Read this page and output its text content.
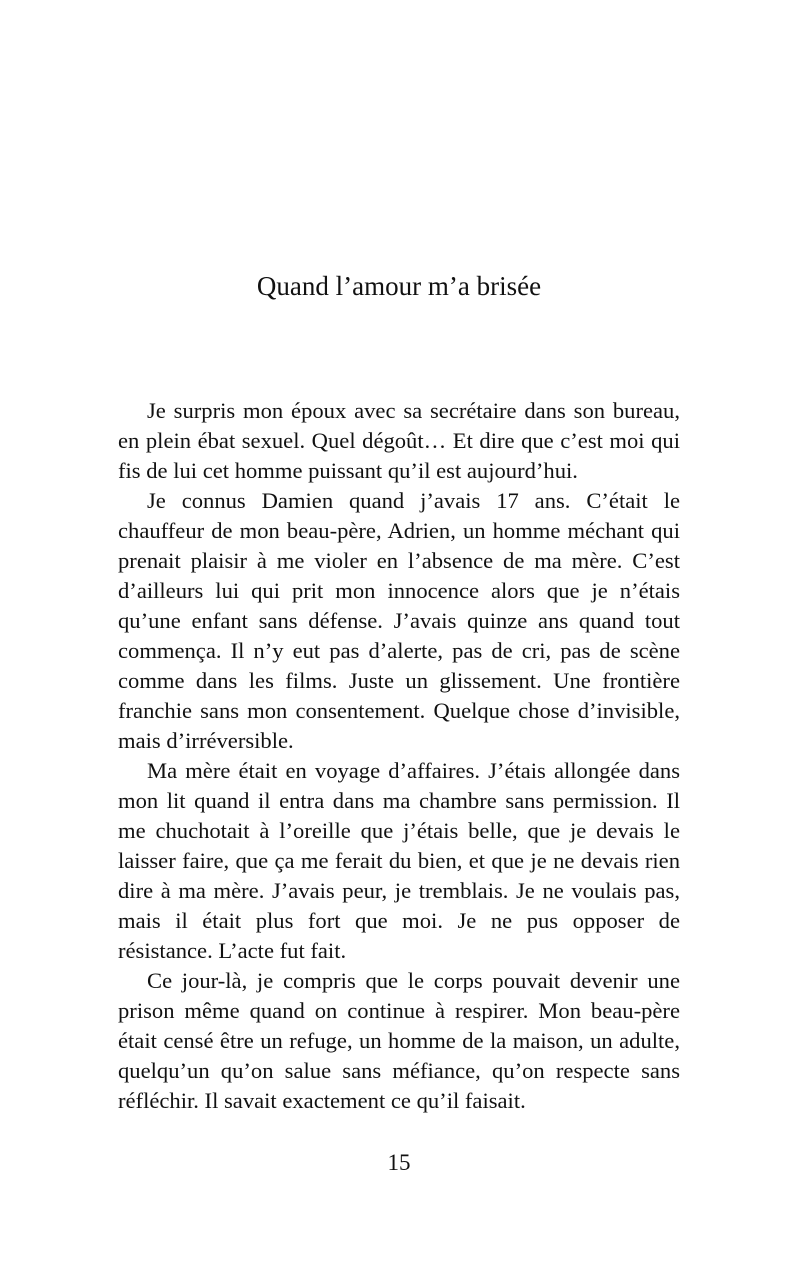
Quand l’amour m’a brisée

Je surpris mon époux avec sa secrétaire dans son bureau, en plein ébat sexuel. Quel dégoût… Et dire que c’est moi qui fis de lui cet homme puissant qu’il est aujourd’hui.

Je connus Damien quand j’avais 17 ans. C’était le chauffeur de mon beau-père, Adrien, un homme méchant qui prenait plaisir à me violer en l’absence de ma mère. C’est d’ailleurs lui qui prit mon innocence alors que je n’étais qu’une enfant sans défense. J’avais quinze ans quand tout commença. Il n’y eut pas d’alerte, pas de cri, pas de scène comme dans les films. Juste un glissement. Une frontière franchie sans mon consentement. Quelque chose d’invisible, mais d’irréversible.

Ma mère était en voyage d’affaires. J’étais allongée dans mon lit quand il entra dans ma chambre sans permission. Il me chuchotait à l’oreille que j’étais belle, que je devais le laisser faire, que ça me ferait du bien, et que je ne devais rien dire à ma mère. J’avais peur, je tremblais. Je ne voulais pas, mais il était plus fort que moi. Je ne pus opposer de résistance. L’acte fut fait.

Ce jour-là, je compris que le corps pouvait devenir une prison même quand on continue à respirer. Mon beau-père était censé être un refuge, un homme de la maison, un adulte, quelqu’un qu’on salue sans méfiance, qu’on respecte sans réfléchir. Il savait exactement ce qu’il faisait.

15
